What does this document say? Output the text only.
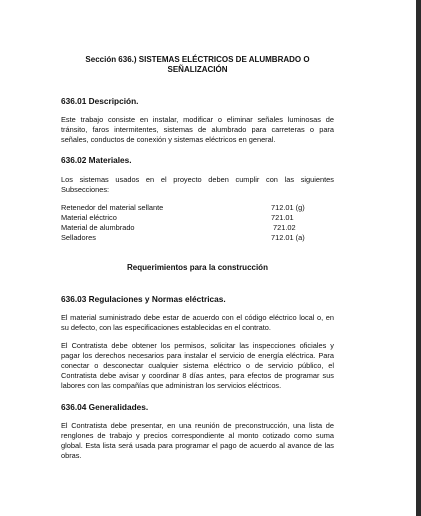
Sección 636.) SISTEMAS ELÉCTRICOS DE ALUMBRADO O
SEÑALIZACIÓN
636.01 Descripción.

Este trabajo consiste en instalar, modificar o eliminar señales luminosas de tránsito, faros intermitentes, sistemas de alumbrado para carreteras o para señales, conductos de conexión y sistemas eléctricos en general.

636.02 Materiales.

Los sistemas usados en el proyecto deben cumplir con las siguientes Subsecciones:

Retenedor del material sellante	712.01 (g)
Material eléctrico	721.01
Material de alumbrado	721.02
Selladores	712.01 (a)

Requerimientos para la construcción

636.03 Regulaciones y Normas eléctricas.

El material suministrado debe estar de acuerdo con el código eléctrico local o, en su defecto, con las especificaciones establecidas en el contrato.

El Contratista debe obtener los permisos, solicitar las inspecciones oficiales y pagar los derechos necesarios para instalar el servicio de energía eléctrica. Para conectar o desconectar cualquier sistema eléctrico o de servicio público, el Contratista debe avisar y coordinar 8 días antes, para efectos de programar sus labores con las compañías que administran los servicios eléctricos.

636.04 Generalidades.

El Contratista debe presentar, en una reunión de preconstrucción, una lista de renglones de trabajo y precios correspondiente al monto cotizado como suma global. Esta lista será usada para programar el pago de acuerdo al avance de las obras.
